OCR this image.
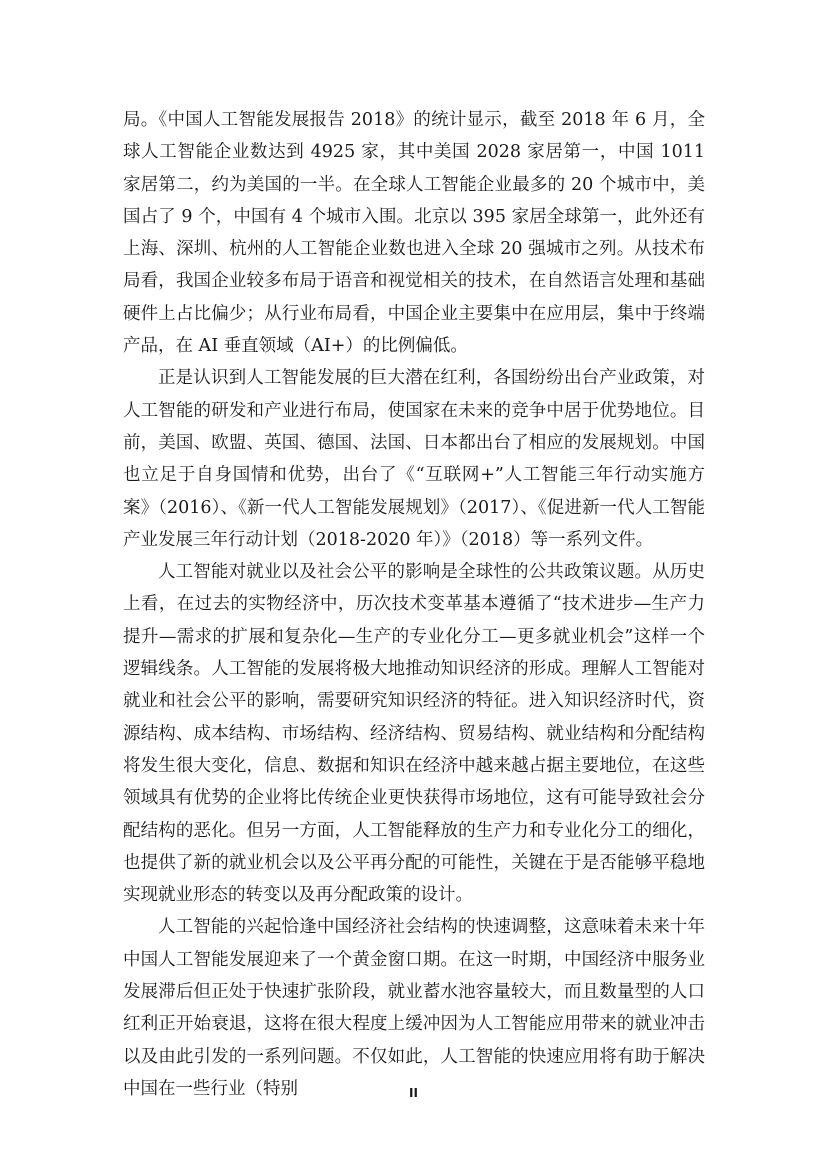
局。《中国人工智能发展报告 2018》的统计显示，截至 2018 年 6 月，全球人工智能企业数达到 4925 家，其中美国 2028 家居第一，中国 1011 家居第二，约为美国的一半。在全球人工智能企业最多的 20 个城市中，美国占了 9 个，中国有 4 个城市入围。北京以 395 家居全球第一，此外还有上海、深圳、杭州的人工智能企业数也进入全球 20 强城市之列。从技术布局看，我国企业较多布局于语音和视觉相关的技术，在自然语言处理和基础硬件上占比偏少；从行业布局看，中国企业主要集中在应用层，集中于终端产品，在 AI 垂直领域（AI+）的比例偏低。

正是认识到人工智能发展的巨大潜在红利，各国纷纷出台产业政策，对人工智能的研发和产业进行布局，使国家在未来的竞争中居于优势地位。目前，美国、欧盟、英国、德国、法国、日本都出台了相应的发展规划。中国也立足于自身国情和优势，出台了《“互联网+”人工智能三年行动实施方案》（2016）、《新一代人工智能发展规划》（2017）、《促进新一代人工智能产业发展三年行动计划（2018-2020 年）》（2018）等一系列文件。

人工智能对就业以及社会公平的影响是全球性的公共政策议题。从历史上看，在过去的实物经济中，历次技术变革基本遵循了“技术进步—生产力提升—需求的扩展和复杂化—生产的专业化分工—更多就业机会”这样一个逻辑线条。人工智能的发展将极大地推动知识经济的形成。理解人工智能对就业和社会公平的影响，需要研究知识经济的特征。进入知识经济时代，资源结构、成本结构、市场结构、经济结构、贸易结构、就业结构和分配结构将发生很大变化，信息、数据和知识在经济中越来越占据主要地位，在这些领域具有优势的企业将比传统企业更快获得市场地位，这有可能导致社会分配结构的恶化。但另一方面，人工智能释放的生产力和专业化分工的细化，也提供了新的就业机会以及公平再分配的可能性，关键在于是否能够平稳地实现就业形态的转变以及再分配政策的设计。

人工智能的兴起恰逢中国经济社会结构的快速调整，这意味着未来十年中国人工智能发展迎来了一个黄金窗口期。在这一时期，中国经济中服务业发展滞后但正处于快速扩张阶段，就业蓄水池容量较大，而且数量型的人口红利正开始衰退，这将在很大程度上缓冲因为人工智能应用带来的就业冲击以及由此引发的一系列问题。不仅如此，人工智能的快速应用将有助于解决中国在一些行业（特别	II
